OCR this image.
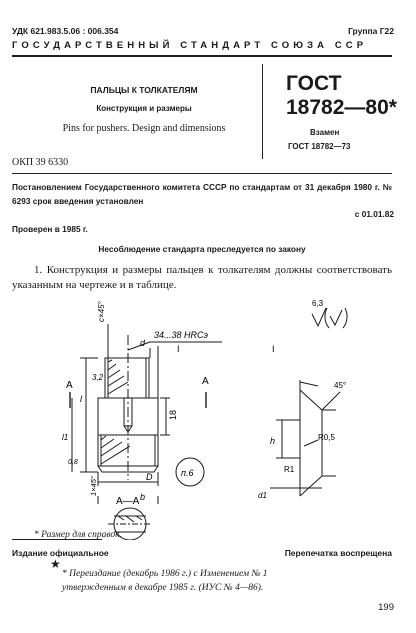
УДК 621.983.5.06 : 006.354	Группа Г22
ГОСУДАРСТВЕННЫЙ СТАНДАРТ СОЮЗА ССР
ПАЛЬЦЫ К ТОЛКАТЕЛЯМ
Конструкция и размеры
Pins for pushers. Design and dimensions
ГОСТ
18782—80*
Взамен
ГОСТ 18782—73
ОКП 39 6330
Постановлением Государственного комитета СССР по стандартам от 31 декабря 1980 г. № 6293 срок введения установлен
с 01.01.82
Проверен в 1985 г.
Несоблюдение стандарта преследуется по закону
1. Конструкция и размеры пальцев к толкателям должны соответствовать указанным на чертеже и в таблице.
6,3
34...38 HRCэ
c×45°
d
I
A	A
3,2
18
l
l1
0,8
1×45°	D
b
п.6
А—А
I
45°
R0,5
R1
h
d1
* Размер для справок.
Издание официальное	Перепечатка воспрещена
★
* Переиздание (декабрь 1986 г.) с Изменением № 1 утвержденным в декабре 1985 г. (ИУС № 4—86).
199
